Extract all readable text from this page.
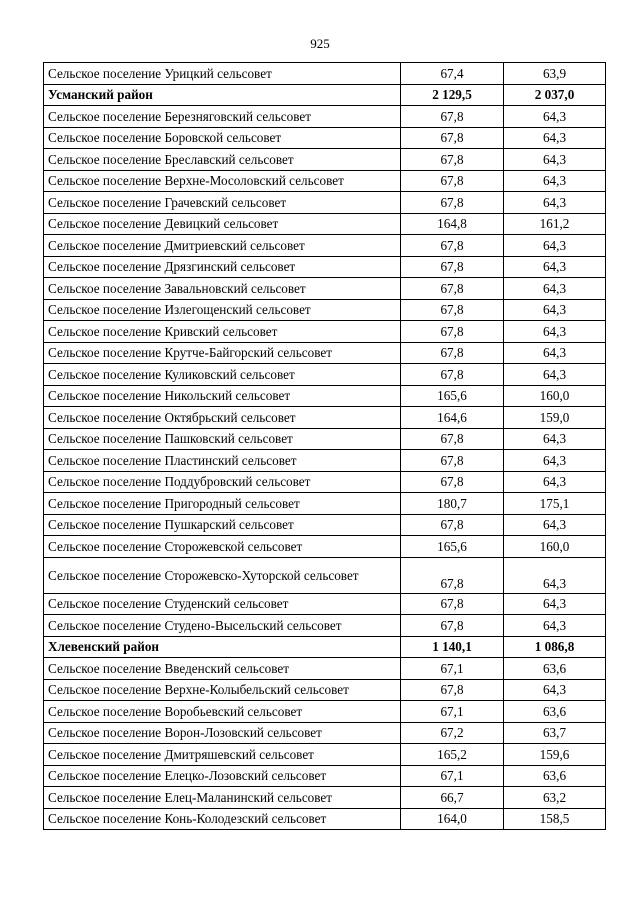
925
Сельское поселение Урицкий сельсовет	67,4	63,9
Усманский район	2 129,5	2 037,0
Сельское поселение Березняговский сельсовет	67,8	64,3
Сельское поселение Боровской сельсовет	67,8	64,3
Сельское поселение Бреславский сельсовет	67,8	64,3
Сельское поселение Верхне-Мосоловский сельсовет	67,8	64,3
Сельское поселение Грачевский сельсовет	67,8	64,3
Сельское поселение Девицкий сельсовет	164,8	161,2
Сельское поселение Дмитриевский сельсовет	67,8	64,3
Сельское поселение Дрязгинский сельсовет	67,8	64,3
Сельское поселение Завальновский сельсовет	67,8	64,3
Сельское поселение Излегощенский сельсовет	67,8	64,3
Сельское поселение Кривский сельсовет	67,8	64,3
Сельское поселение Крутче-Байгорский сельсовет	67,8	64,3
Сельское поселение Куликовский сельсовет	67,8	64,3
Сельское поселение Никольский сельсовет	165,6	160,0
Сельское поселение Октябрьский сельсовет	164,6	159,0
Сельское поселение Пашковский сельсовет	67,8	64,3
Сельское поселение Пластинский сельсовет	67,8	64,3
Сельское поселение Поддубровский сельсовет	67,8	64,3
Сельское поселение Пригородный сельсовет	180,7	175,1
Сельское поселение Пушкарский сельсовет	67,8	64,3
Сельское поселение Сторожевской сельсовет	165,6	160,0
Сельское поселение Сторожевско-Хуторской сельсовет	67,8	64,3
Сельское поселение Студенский сельсовет	67,8	64,3
Сельское поселение Студено-Высельский сельсовет	67,8	64,3
Хлевенский район	1 140,1	1 086,8
Сельское поселение Введенский сельсовет	67,1	63,6
Сельское поселение Верхне-Колыбельский сельсовет	67,8	64,3
Сельское поселение Воробьевский сельсовет	67,1	63,6
Сельское поселение Ворон-Лозовский сельсовет	67,2	63,7
Сельское поселение Дмитряшевский сельсовет	165,2	159,6
Сельское поселение Елецко-Лозовский сельсовет	67,1	63,6
Сельское поселение Елец-Маланинский сельсовет	66,7	63,2
Сельское поселение Конь-Колодезский сельсовет	164,0	158,5
